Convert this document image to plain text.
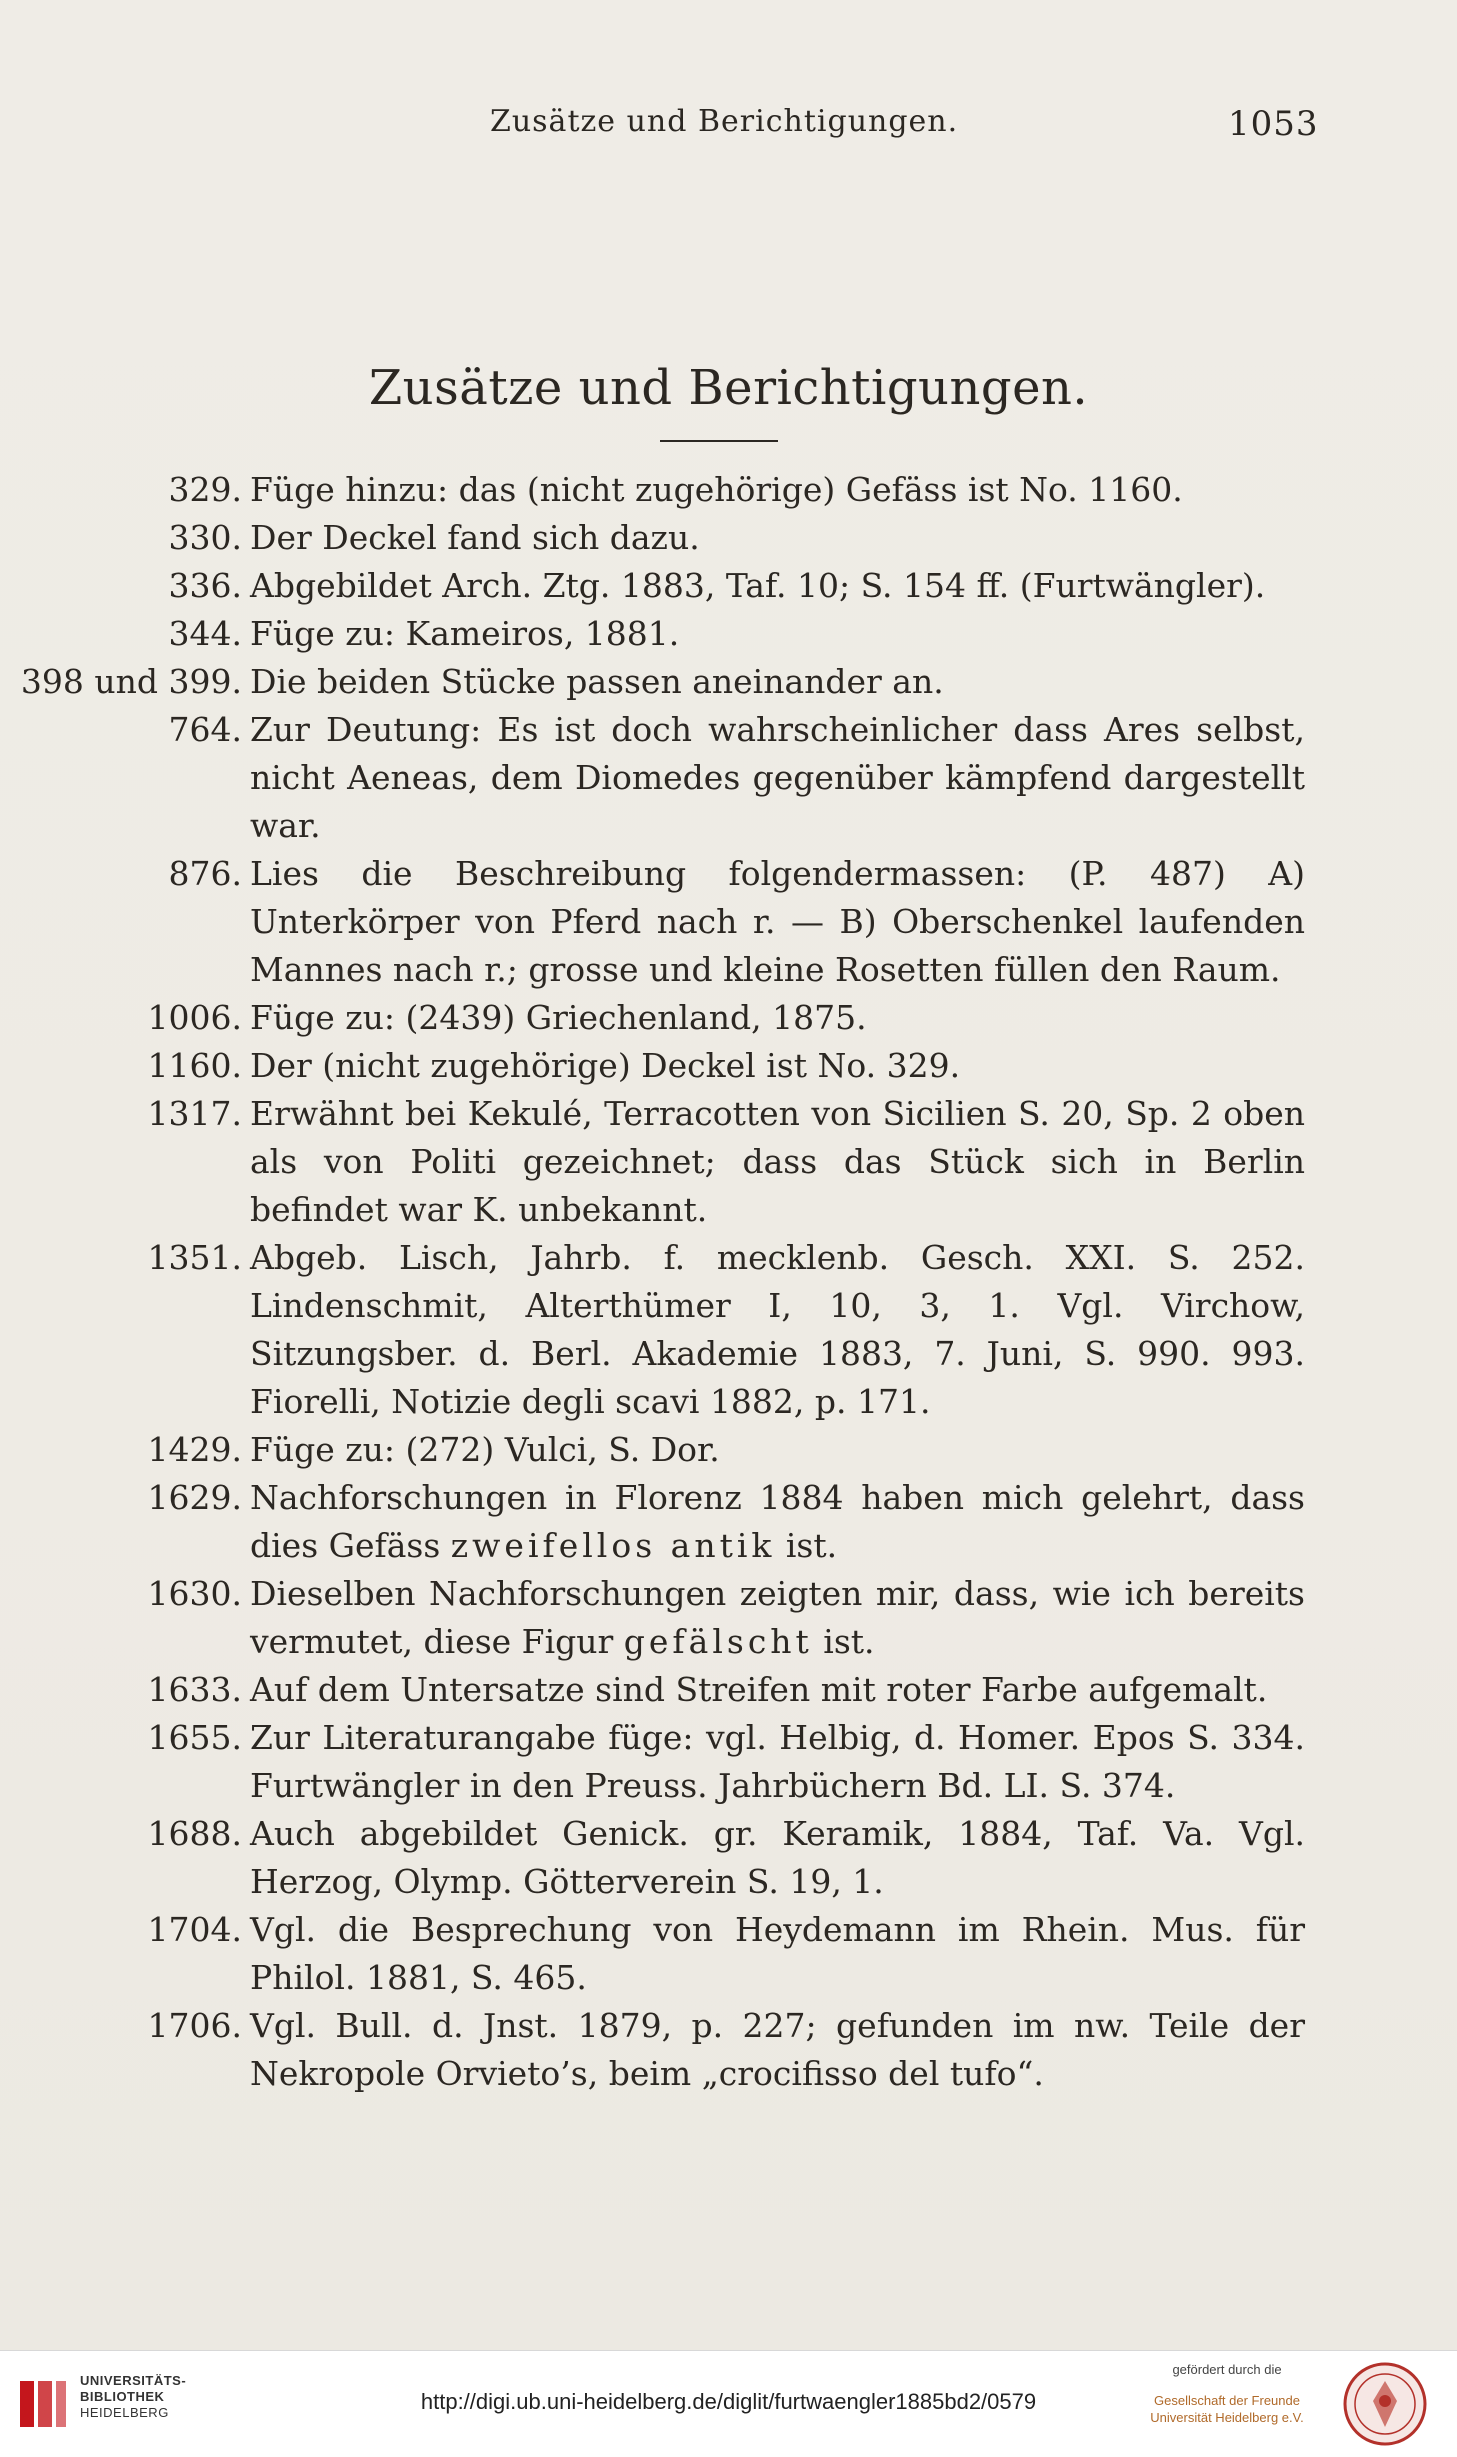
Zusätze und Berichtigungen.	1053
Zusätze und Berichtigungen.
329. Füge hinzu: das (nicht zugehörige) Gefäss ist No. 1160.
330. Der Deckel fand sich dazu.
336. Abgebildet Arch. Ztg. 1883, Taf. 10; S. 154 ff. (Furtwängler).
344. Füge zu: Kameiros, 1881.
398 und 399. Die beiden Stücke passen aneinander an.
764. Zur Deutung: Es ist doch wahrscheinlicher dass Ares selbst, nicht Aeneas, dem Diomedes gegenüber kämpfend dargestellt war.
876. Lies die Beschreibung folgendermassen: (P. 487) A) Unterkörper von Pferd nach r. — B) Oberschenkel laufenden Mannes nach r.; grosse und kleine Rosetten füllen den Raum.
1006. Füge zu: (2439) Griechenland, 1875.
1160. Der (nicht zugehörige) Deckel ist No. 329.
1317. Erwähnt bei Kekulé, Terracotten von Sicilien S. 20, Sp. 2 oben als von Politi gezeichnet; dass das Stück sich in Berlin befindet war K. unbekannt.
1351. Abgeb. Lisch, Jahrb. f. mecklenb. Gesch. XXI. S. 252. Lindenschmit, Alterthümer I, 10, 3, 1. Vgl. Virchow, Sitzungsber. d. Berl. Akademie 1883, 7. Juni, S. 990. 993. Fiorelli, Notizie degli scavi 1882, p. 171.
1429. Füge zu: (272) Vulci, S. Dor.
1629. Nachforschungen in Florenz 1884 haben mich gelehrt, dass dies Gefäss zweifellos antik ist.
1630. Dieselben Nachforschungen zeigten mir, dass, wie ich bereits vermutet, diese Figur gefälscht ist.
1633. Auf dem Untersatze sind Streifen mit roter Farbe aufgemalt.
1655. Zur Literaturangabe füge: vgl. Helbig, d. Homer. Epos S. 334. Furtwängler in den Preuss. Jahrbüchern Bd. LI. S. 374.
1688. Auch abgebildet Genick. gr. Keramik, 1884, Taf. Va. Vgl. Herzog, Olymp. Götterverein S. 19, 1.
1704. Vgl. die Besprechung von Heydemann im Rhein. Mus. für Philol. 1881, S. 465.
1706. Vgl. Bull. d. Jnst. 1879, p. 227; gefunden im nw. Teile der Nekropole Orvieto’s, beim „crocifisso del tufo“.
UNIVERSITÄTS-
BIBLIOTHEK
HEIDELBERG	http://digi.ub.uni-heidelberg.de/diglit/furtwaengler1885bd2/0579
gefördert durch die
Gesellschaft der Freunde
Universität Heidelberg e.V.
